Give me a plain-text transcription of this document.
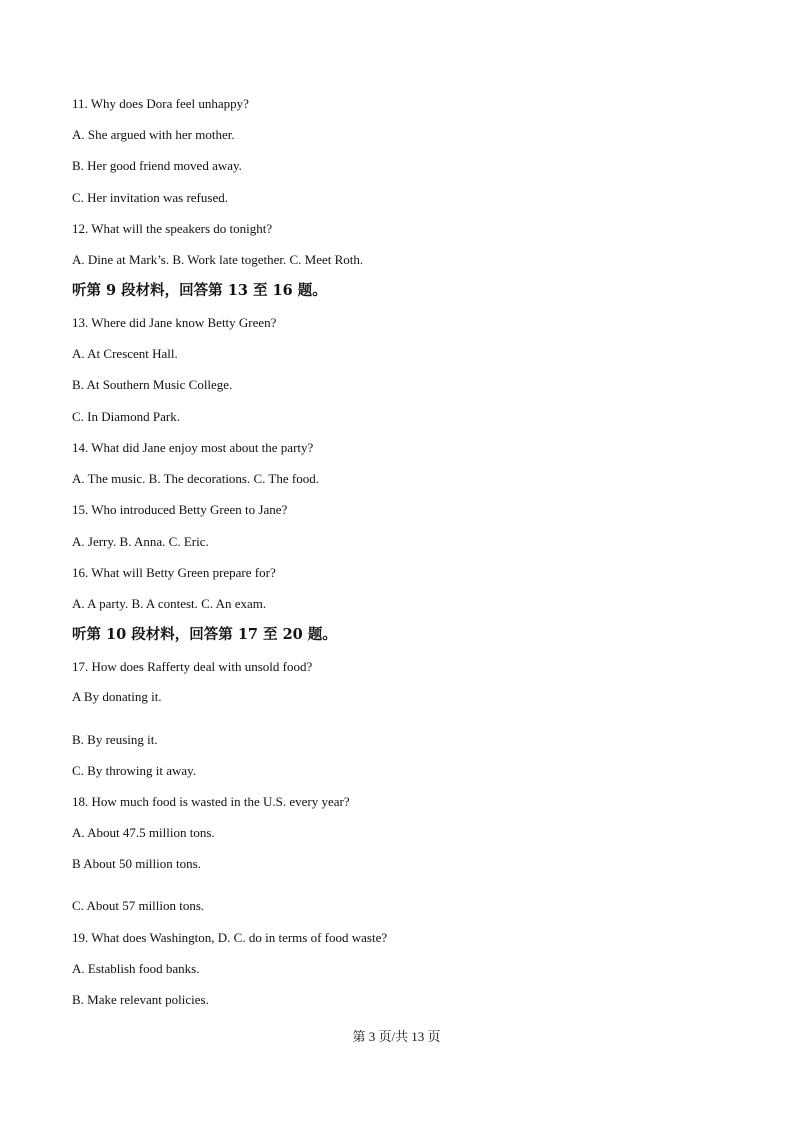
11. Why does Dora feel unhappy?
A. She argued with her mother.
B. Her good friend moved away.
C. Her invitation was refused.
12. What will the speakers do tonight?
A. Dine at Mark’s. B. Work late together. C. Meet Roth.
听第 9 段材料，回答第 13 至 16 题。
13. Where did Jane know Betty Green?
A. At Crescent Hall.
B. At Southern Music College.
C. In Diamond Park.
14. What did Jane enjoy most about the party?
A. The music. B. The decorations. C. The food.
15. Who introduced Betty Green to Jane?
A. Jerry. B. Anna. C. Eric.
16. What will Betty Green prepare for?
A. A party. B. A contest. C. An exam.
听第 10 段材料，回答第 17 至 20 题。
17. How does Rafferty deal with unsold food?
A By donating it.
B. By reusing it.
C. By throwing it away.
18. How much food is wasted in the U.S. every year?
A. About 47.5 million tons.
B About 50 million tons.
C. About 57 million tons.
19. What does Washington, D. C. do in terms of food waste?
A. Establish food banks.
B. Make relevant policies.
第 3 页/共 13 页
